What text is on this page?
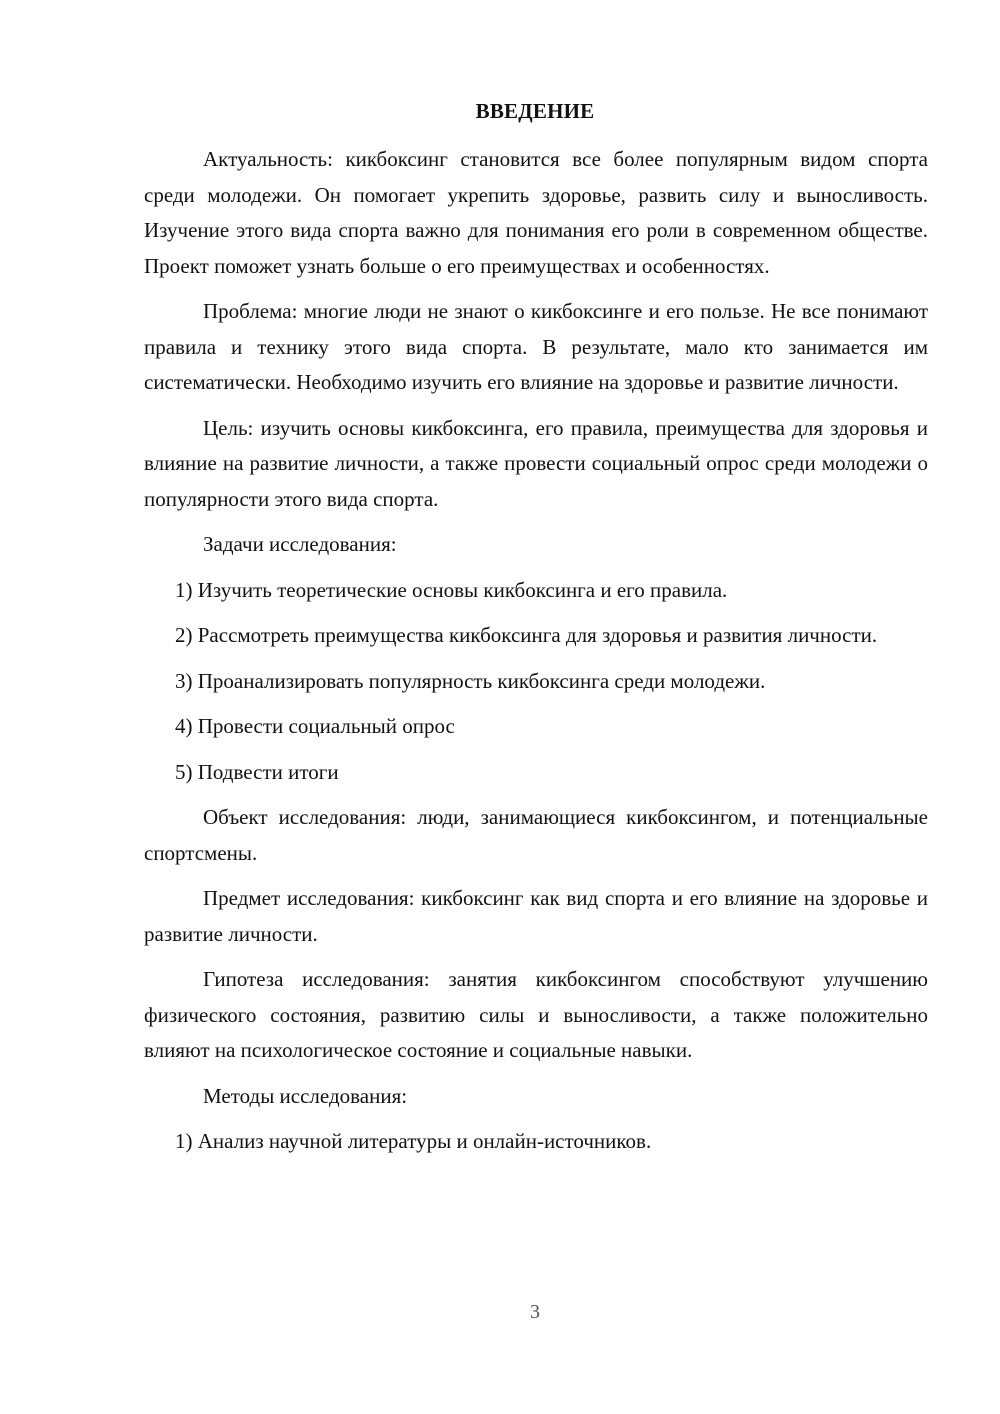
ВВЕДЕНИЕ

Актуальность: кикбоксинг становится все более популярным видом спорта среди молодежи. Он помогает укрепить здоровье, развить силу и выносливость. Изучение этого вида спорта важно для понимания его роли в современном обществе. Проект поможет узнать больше о его преимуществах и особенностях.

Проблема: многие люди не знают о кикбоксинге и его пользе. Не все понимают правила и технику этого вида спорта. В результате, мало кто занимается им систематически. Необходимо изучить его влияние на здоровье и развитие личности.

Цель: изучить основы кикбоксинга, его правила, преимущества для здоровья и влияние на развитие личности, а также провести социальный опрос среди молодежи о популярности этого вида спорта.

Задачи исследования:

1) Изучить теоретические основы кикбоксинга и его правила.

2) Рассмотреть преимущества кикбоксинга для здоровья и развития личности.

3) Проанализировать популярность кикбоксинга среди молодежи.

4) Провести социальный опрос

5) Подвести итоги

Объект исследования: люди, занимающиеся кикбоксингом, и потенциальные спортсмены.

Предмет исследования: кикбоксинг как вид спорта и его влияние на здоровье и развитие личности.

Гипотеза исследования: занятия кикбоксингом способствуют улучшению физического состояния, развитию силы и выносливости, а также положительно влияют на психологическое состояние и социальные навыки.

Методы исследования:

1) Анализ научной литературы и онлайн-источников.

3
